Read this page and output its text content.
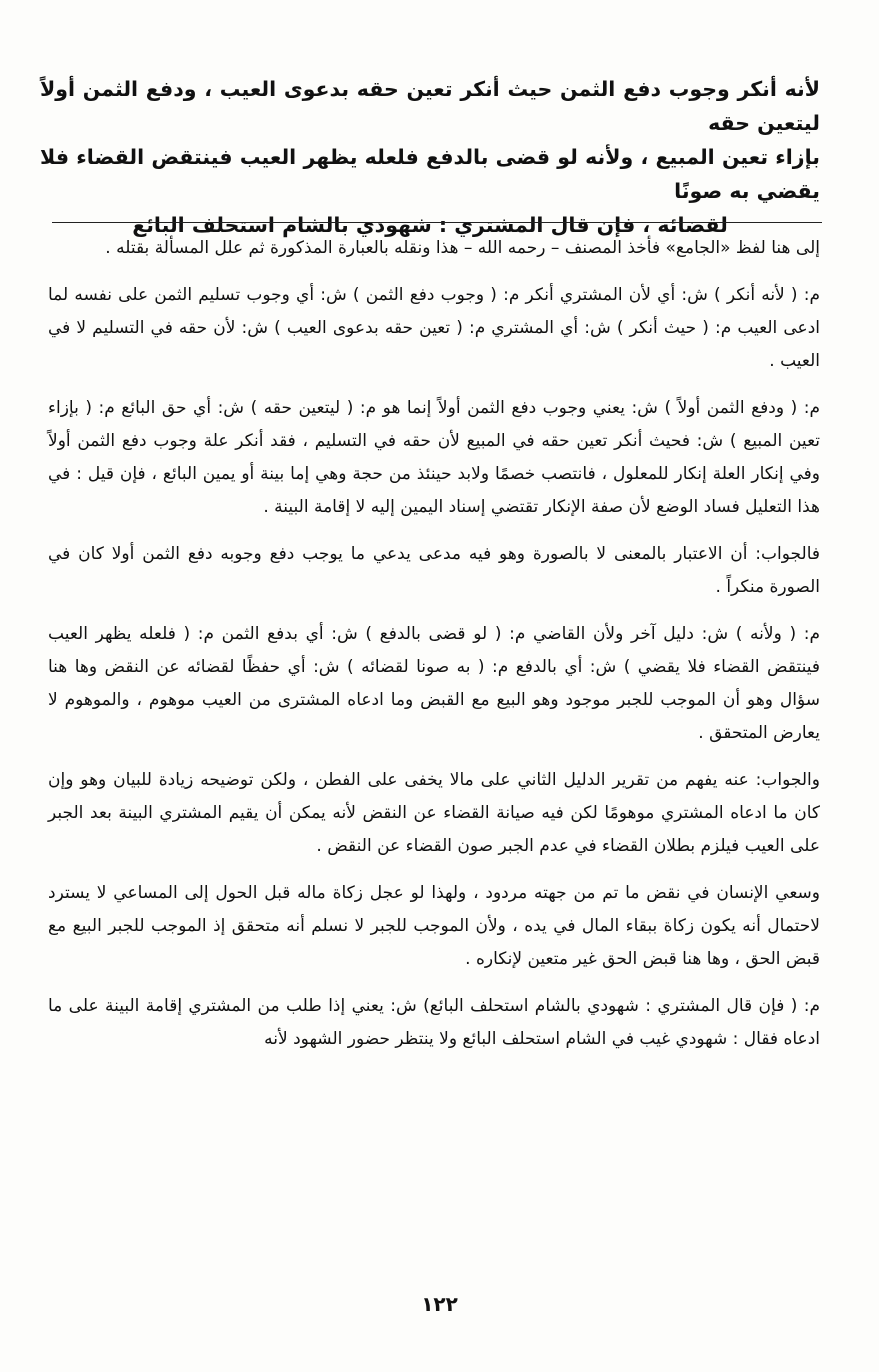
لأنه أنكر وجوب دفع الثمن حيث أنكر تعين حقه بدعوى العيب ، ودفع الثمن أولاً ليتعين حقه

بإزاء تعين المبيع ، ولأنه لو قضى بالدفع فلعله يظهر العيب فينتقض القضاء فلا يقضي به صونًا

لقضائه ، فإن قال المشتري : شهودي بالشام استحلف البائع

إلى هنا لفظ «الجامع» فأخذ المصنف – رحمه الله – هذا ونقله بالعبارة المذكورة ثم علل المسألة بقتله .

م: ( لأنه أنكر ) ش: أي لأن المشتري أنكر م: ( وجوب دفع الثمن ) ش: أي وجوب تسليم الثمن على نفسه لما ادعى العيب م: ( حيث أنكر ) ش: أي المشتري م: ( تعين حقه بدعوى العيب ) ش: لأن حقه في التسليم لا في العيب .

م: ( ودفع الثمن أولاً ) ش: يعني وجوب دفع الثمن أولاً إنما هو م: ( ليتعين حقه ) ش: أي حق البائع م: ( بإزاء تعين المبيع ) ش: فحيث أنكر تعين حقه في المبيع لأن حقه في التسليم ، فقد أنكر علة وجوب دفع الثمن أولاً وفي إنكار العلة إنكار للمعلول ، فانتصب خصمًا ولابد حينئذ من حجة وهي إما بينة أو يمين البائع ، فإن قيل : في هذا التعليل فساد الوضع لأن صفة الإنكار تقتضي إسناد اليمين إليه لا إقامة البينة .

فالجواب: أن الاعتبار بالمعنى لا بالصورة وهو فيه مدعى يدعي ما يوجب دفع وجوبه دفع الثمن أولا كان في الصورة منكراً .

م: ( ولأنه ) ش: دليل آخر ولأن القاضي م: ( لو قضى بالدفع ) ش: أي بدفع الثمن م: ( فلعله يظهر العيب فينتقض القضاء فلا يقضي ) ش: أي بالدفع م: ( به صونا لقضائه ) ش: أي حفظًا لقضائه عن النقض وها هنا سؤال وهو أن الموجب للجبر موجود وهو البيع مع القبض وما ادعاه المشترى من العيب موهوم ، والموهوم لا يعارض المتحقق .

والجواب: عنه يفهم من تقرير الدليل الثاني على مالا يخفى على الفطن ، ولكن توضيحه زيادة للبيان وهو وإن كان ما ادعاه المشتري موهومًا لكن فيه صيانة القضاء عن النقض لأنه يمكن أن يقيم المشتري البينة بعد الجبر على العيب فيلزم بطلان القضاء في عدم الجبر صون القضاء عن النقض .

وسعي الإنسان في نقض ما تم من جهته مردود ، ولهذا لو عجل زكاة ماله قبل الحول إلى المساعي لا يسترد لاحتمال أنه يكون زكاة ببقاء المال في يده ، ولأن الموجب للجبر لا نسلم أنه متحقق إذ الموجب للجبر البيع مع قبض الحق ، وها هنا قبض الحق غير متعين لإنكاره .

م: ( فإن قال المشتري : شهودي بالشام استحلف البائع) ش: يعني إذا طلب من المشتري إقامة البينة على ما ادعاه فقال : شهودي غيب في الشام استحلف البائع ولا ينتظر حضور الشهود لأنه

١٢٢
